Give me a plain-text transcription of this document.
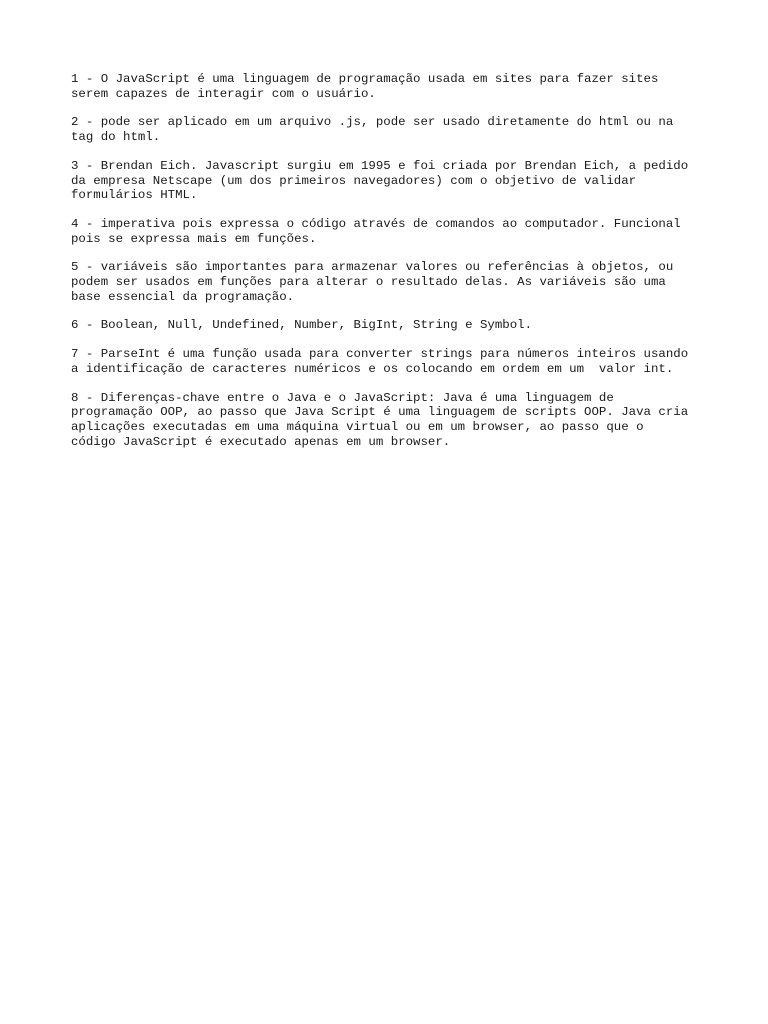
1 - O JavaScript é uma linguagem de programação usada em sites para fazer sites
serem capazes de interagir com o usuário.

2 - pode ser aplicado em um arquivo .js, pode ser usado diretamente do html ou na
tag do html.

3 - Brendan Eich. Javascript surgiu em 1995 e foi criada por Brendan Eich, a pedido
da empresa Netscape (um dos primeiros navegadores) com o objetivo de validar
formulários HTML.

4 - imperativa pois expressa o código através de comandos ao computador. Funcional
pois se expressa mais em funções.

5 - variáveis são importantes para armazenar valores ou referências à objetos, ou
podem ser usados em funções para alterar o resultado delas. As variáveis são uma
base essencial da programação.

6 - Boolean, Null, Undefined, Number, BigInt, String e Symbol.

7 - ParseInt é uma função usada para converter strings para números inteiros usando
a identificação de caracteres numéricos e os colocando em ordem em um  valor int.

8 - Diferenças-chave entre o Java e o JavaScript: Java é uma linguagem de
programação OOP, ao passo que Java Script é uma linguagem de scripts OOP. Java cria
aplicações executadas em uma máquina virtual ou em um browser, ao passo que o
código JavaScript é executado apenas em um browser.
